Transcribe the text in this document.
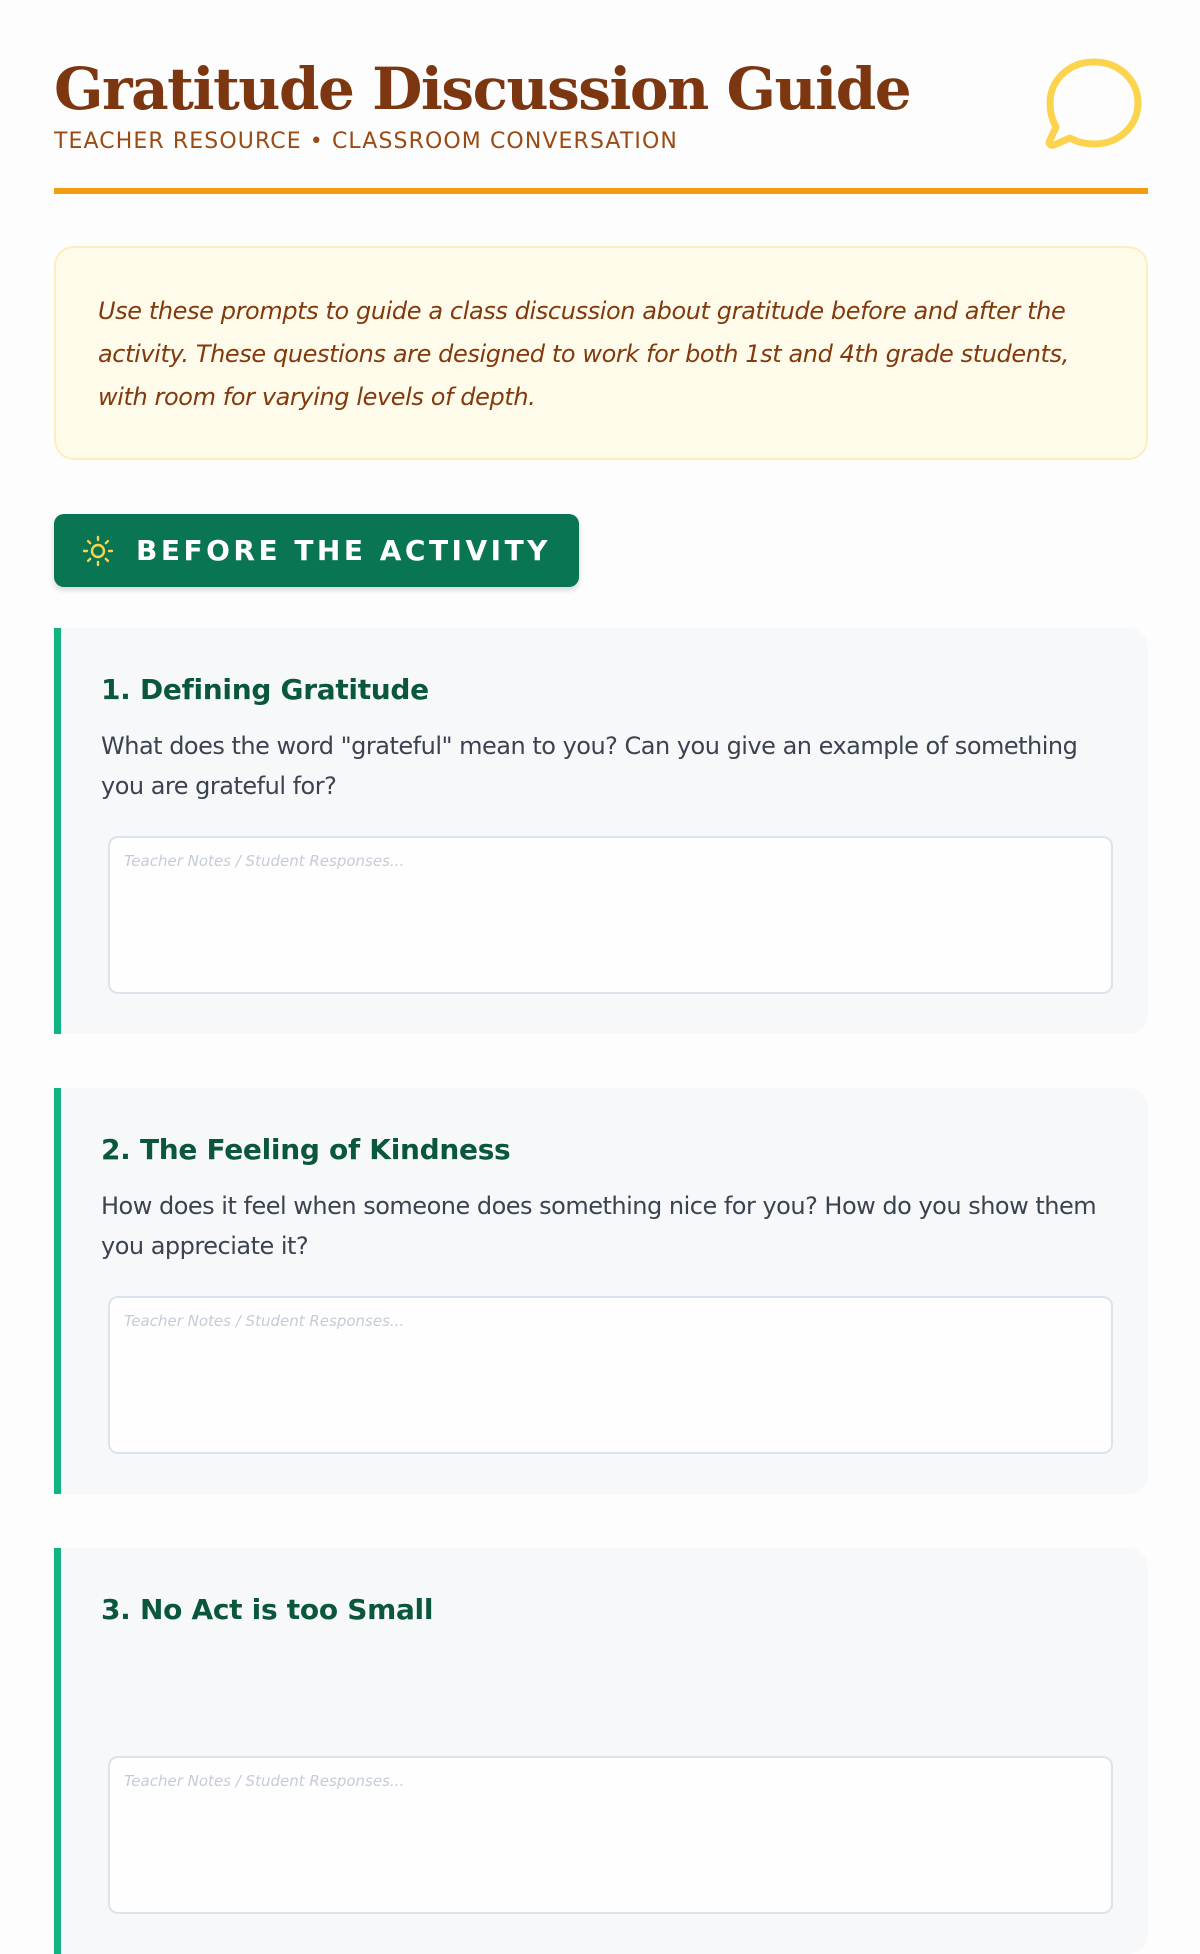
Gratitude Discussion Guide
TEACHER RESOURCE • CLASSROOM CONVERSATION

Use these prompts to guide a class discussion about gratitude before and after the activity. These questions are designed to work for both 1st and 4th grade students, with room for varying levels of depth.

BEFORE THE ACTIVITY
1. Defining Gratitude

What does the word "grateful" mean to you? Can you give an example of something you are grateful for?

Teacher Notes / Student Responses...
2. The Feeling of Kindness

How does it feel when someone does something nice for you? How do you show them you appreciate it?

Teacher Notes / Student Responses...
3. No Act is too Small

Teacher Notes / Student Responses...
